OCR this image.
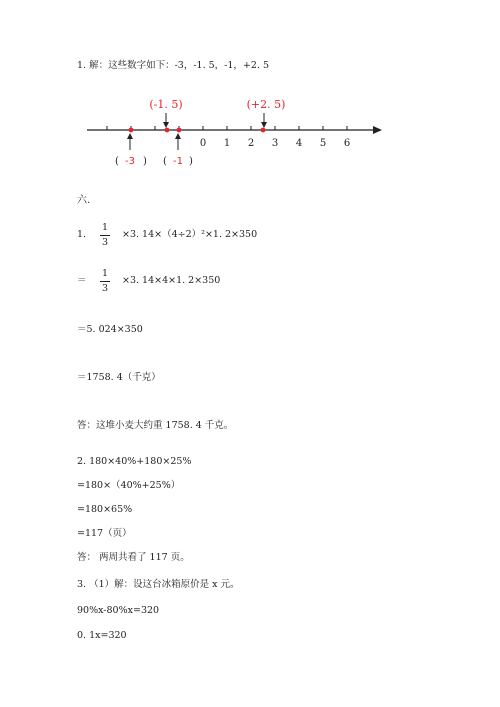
1. 解：这些数字如下：-3，-1. 5，-1，+2. 5
0 1 2 3 4 5 6
(-1. 5)	(+2. 5)
( -3 ) ( -1 )
六.
1.
1
3
×3. 14×（4÷2）²×1. 2×350
＝
1
3
×3. 14×4×1. 2×350
＝5. 024×350
＝1758. 4（千克）
答：这堆小麦大约重 1758. 4 千克。
2. 180×40%+180×25%
=180×（40%+25%）
=180×65%
=117（页）
答： 两周共看了 117 页。
3. （1）解：设这台冰箱原价是 x 元。
90%x-80%x=320
0. 1x=320
